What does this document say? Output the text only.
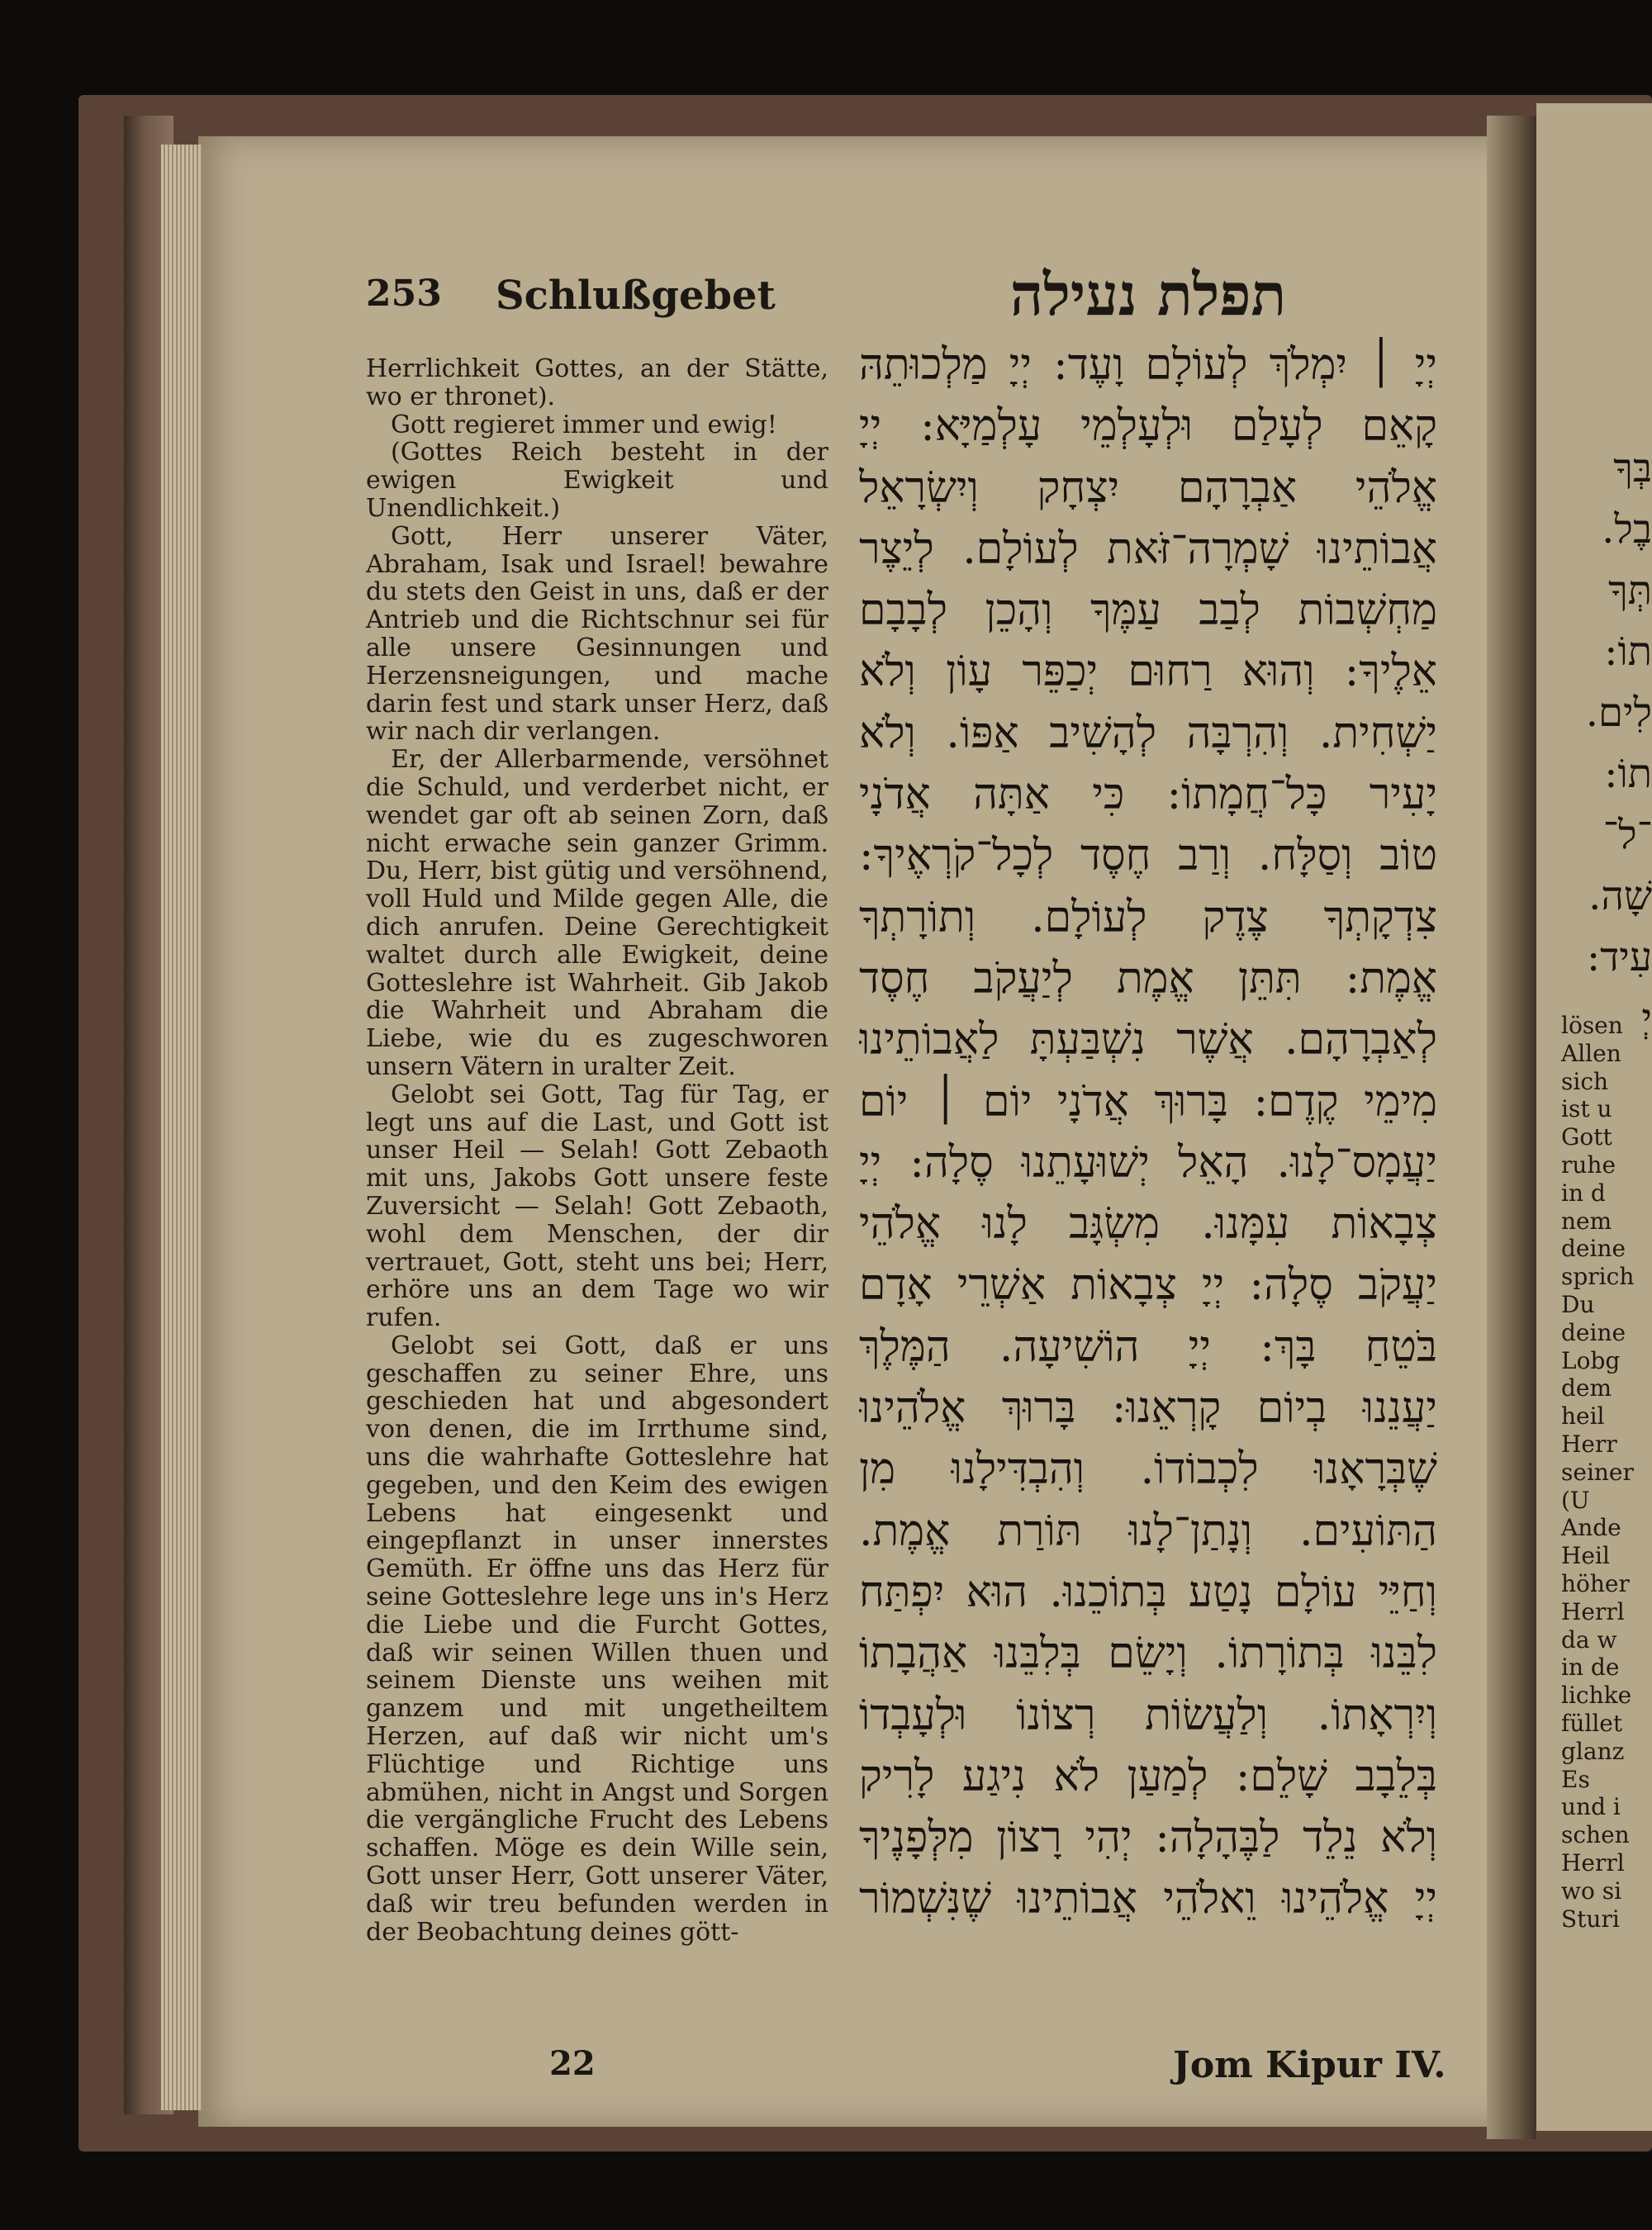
בְּךָ
בֶל.
תְּךָ
תוֹ:
לִים.
תוֹ:
־ל־
שָׁה.
עִיד:
יְ
lösen
Allen
sich
ist u
Gott
ruhe
in d
nem
deine
sprich
Du
deine
Lobg
dem
heil
Herr
seiner
(U
Ande
Heil
höher
Herrl
da w
in de
lichke
füllet
glanz
Es
und i
schen
Herrl
wo si
Sturi
253 Schlußgebet	תפלת נעילה

Herrlichkeit Gottes, an der Stätte, wo er thronet).

Gott regieret immer und ewig!

(Gottes Reich besteht in der ewigen Ewigkeit und Unendlichkeit.)

Gott, Herr unserer Väter, Abraham, Isak und Israel! bewahre du stets den Geist in uns, daß er der Antrieb und die Richtschnur sei für alle unsere Gesinnungen und Herzensneigungen, und mache darin fest und stark unser Herz, daß wir nach dir verlangen.

Er, der Allerbarmende, versöhnet die Schuld, und verderbet nicht, er wendet gar oft ab seinen Zorn, daß nicht erwache sein ganzer Grimm. Du, Herr, bist gütig und versöhnend, voll Huld und Milde gegen Alle, die dich anrufen. Deine Gerechtigkeit waltet durch alle Ewigkeit, deine Gotteslehre ist Wahrheit. Gib Jakob die Wahrheit und Abraham die Liebe, wie du es zugeschworen unsern Vätern in uralter Zeit.

Gelobt sei Gott, Tag für Tag, er legt uns auf die Last, und Gott ist unser Heil — Selah! Gott Zebaoth mit uns, Jakobs Gott unsere feste Zuversicht — Selah! Gott Zebaoth, wohl dem Menschen, der dir vertrauet, Gott, steht uns bei; Herr, erhöre uns an dem Tage wo wir rufen.

Gelobt sei Gott, daß er uns geschaffen zu seiner Ehre, uns geschieden hat und abgesondert von denen, die im Irrthume sind, uns die wahrhafte Gotteslehre hat gegeben, und den Keim des ewigen Lebens hat eingesenkt und eingepflanzt in unser innerstes Gemüth. Er öffne uns das Herz für seine Gotteslehre lege uns in's Herz die Liebe und die Furcht Gottes, daß wir seinen Willen thuen und seinem Dienste uns weihen mit ganzem und mit ungetheiltem Herzen, auf daß wir nicht um's Flüchtige und Richtige uns abmühen, nicht in Angst und Sorgen die vergängliche Frucht des Lebens schaffen. Möge es dein Wille sein, Gott unser Herr, Gott unserer Väter, daß wir treu befunden werden in der Beobachtung deines gött-

יְיָ ׀ יִמְלֹךְ לְעוֹלָם וָעֶד: יְיָ מַלְכוּתֵהּ
קָאֵם לְעָלַם וּלְעָלְמֵי עָלְמַיָּא: יְיָ
אֱלֹהֵי אַבְרָהָם יִצְחָק וְיִשְׂרָאֵל
אֲבוֹתֵינוּ שָׁמְרָה־זֹּאת לְעוֹלָם. לְיֵצֶר
מַחְשְׁבוֹת לְבַב עַמֶּךָ וְהָכֵן לְבָבָם
אֵלֶיךָ: וְהוּא רַחוּם יְכַפֵּר עָוֹן וְלֹא
יַשְׁחִית. וְהִרְבָּה לְהָשִׁיב אַפּוֹ. וְלֹא
יָעִיר כָּל־חֲמָתוֹ: כִּי אַתָּה אֲדֹנָי
טוֹב וְסַלָּח. וְרַב חֶסֶד לְכָל־קֹרְאֶיךָ:
צִדְקָתְךָ צֶדֶק לְעוֹלָם. וְתוֹרָתְךָ
אֱמֶת: תִּתֵּן אֱמֶת לְיַעֲקֹב חֶסֶד
לְאַבְרָהָם. אֲשֶׁר נִשְׁבַּעְתָּ לַאֲבוֹתֵינוּ
מִימֵי קֶדֶם: בָּרוּךְ אֲדֹנָי יוֹם ׀ יוֹם
יַעֲמָס־לָנוּ. הָאֵל יְשׁוּעָתֵנוּ סֶלָה: יְיָ
צְבָאוֹת עִמָּנוּ. מִשְׂגָּב לָנוּ אֱלֹהֵי
יַעֲקֹב סֶלָה: יְיָ צְבָאוֹת אַשְׁרֵי אָדָם
בֹּטֵחַ בָּךְ: יְיָ הוֹשִׁיעָה. הַמֶּלֶךְ
יַעֲנֵנוּ בְיוֹם קָרְאֵנוּ: בָּרוּךְ אֱלֹהֵינוּ
שֶׁבְּרָאָנוּ לִכְבוֹדוֹ. וְהִבְדִּילָנוּ מִן
הַתּוֹעִים. וְנָתַן־לָנוּ תּוֹרַת אֱמֶת.
וְחַיֵּי עוֹלָם נָטַע בְּתוֹכֵנוּ. הוּא יִפְתַּח
לִבֵּנוּ בְּתוֹרָתוֹ. וְיָשֵׂם בְּלִבֵּנוּ אַהֲבָתוֹ
וְיִרְאָתוֹ. וְלַעֲשׂוֹת רְצוֹנוֹ וּלְעָבְדוֹ
בְּלֵבָב שָׁלֵם: לְמַעַן לֹא נִיגַע לָרִיק
וְלֹא נֵלֵד לַבֶּהָלָה: יְהִי רָצוֹן מִלְּפָנֶיךָ
יְיָ אֱלֹהֵינוּ וֵאלֹהֵי אֲבוֹתֵינוּ שֶׁנִּשְׁמוֹר
22	Jom Kipur IV.
